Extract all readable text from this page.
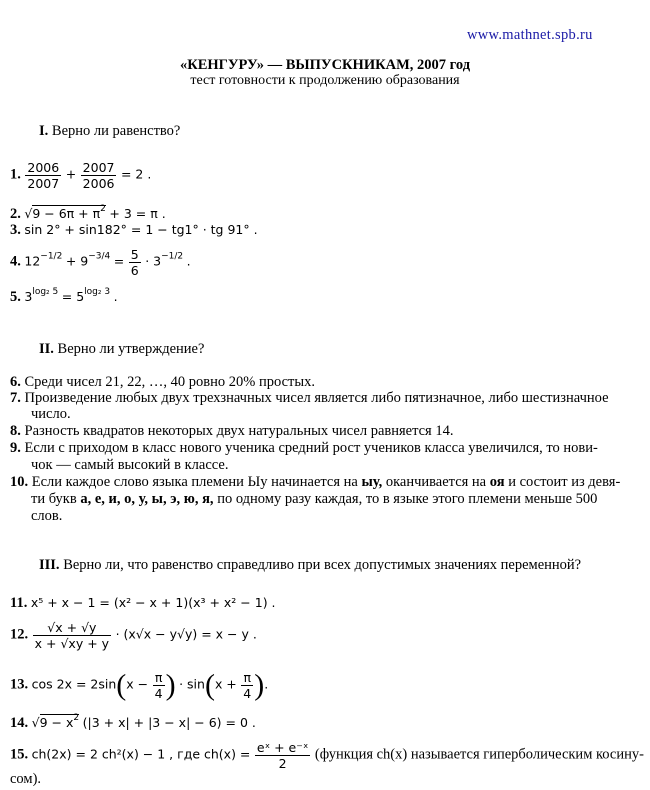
www.mathnet.spb.ru
«КЕНГУРУ» — ВЫПУСКНИКАМ, 2007 год
тест готовности к продолжению образования
I. Верно ли равенство?
1. $\frac{2006}{2007} + \frac{2007}{2006} = 2$ .
2. $√9 - 6\pi + \pi^2 + 3 = \pi$ .
3. sin 2° + sin182° = 1 − tg1° · tg 91° .
4. $12^{-1/2} + 9^{-3/4} = \frac{5}{6} \cdot 3^{-1/2}$ .
5. $3^{log_2 5} = 5^{log_2 3}$ .
II. Верно ли утверждение?
6. Среди чисел 21, 22, …, 40 ровно 20% простых.
7. Произведение любых двух трехзначных чисел является либо пятизначное, либо шестизначное
число.
8. Разность квадратов некоторых двух натуральных чисел равняется 14.
9. Если с приходом в класс нового ученика средний рост учеников класса увеличился, то нови-
чок — самый высокий в классе.
10. Если каждое слово языка племени Ыу начинается на ыу, оканчивается на оя и состоит из девя-
ти букв а, е, и, о, у, ы, э, ю, я, по одному разу каждая, то в языке этого племени меньше 500
слов.
III. Верно ли, что равенство справедливо при всех допустимых значениях переменной?
11. x⁵ + x − 1 = (x² − x + 1)(x³ + x² − 1) .
12. $\frac{√x + √y}{x + √xy + y} \cdot (x√x - y√y) = x - y$ .
13. $\cos 2x = 2\sin(x - \frac{\pi}{4}$ ) · $\sin(x + \frac{\pi}{4}$ ).
14. $√9 - x^2$ (|3 + x| + |3 − x| − 6) = 0 .
15. ch(2x) = 2 ch²(x) − 1 , где $ch(x) = \frac{\text{eˣ + e⁻ˣ}}{2}$ (функция ch(x) называется гиперболическим косину-
сом).
